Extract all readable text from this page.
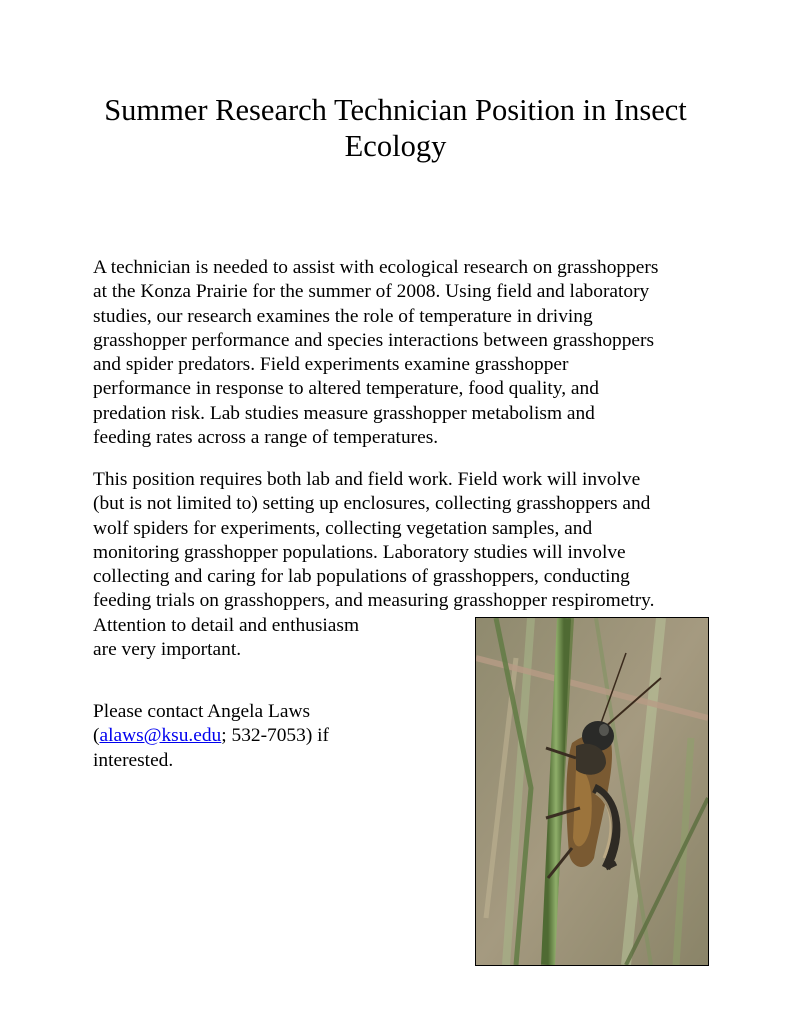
Summer Research Technician Position in Insect
Ecology
A technician is needed to assist with ecological research on grasshoppers
at the Konza Prairie for the summer of 2008. Using field and laboratory
studies, our research examines the role of temperature in driving
grasshopper performance and species interactions between grasshoppers
and spider predators. Field experiments examine grasshopper
performance in response to altered temperature, food quality, and
predation risk. Lab studies measure grasshopper metabolism and
feeding rates across a range of temperatures.
This position requires both lab and field work. Field work will involve
(but is not limited to) setting up enclosures, collecting grasshoppers and
wolf spiders for experiments, collecting vegetation samples, and
monitoring grasshopper populations. Laboratory studies will involve
collecting and caring for lab populations of grasshoppers, conducting
feeding trials on grasshoppers, and measuring grasshopper respirometry.
Attention to detail and enthusiasm
are very important.
Please contact Angela Laws
(alaws@ksu.edu; 532-7053) if
interested.
